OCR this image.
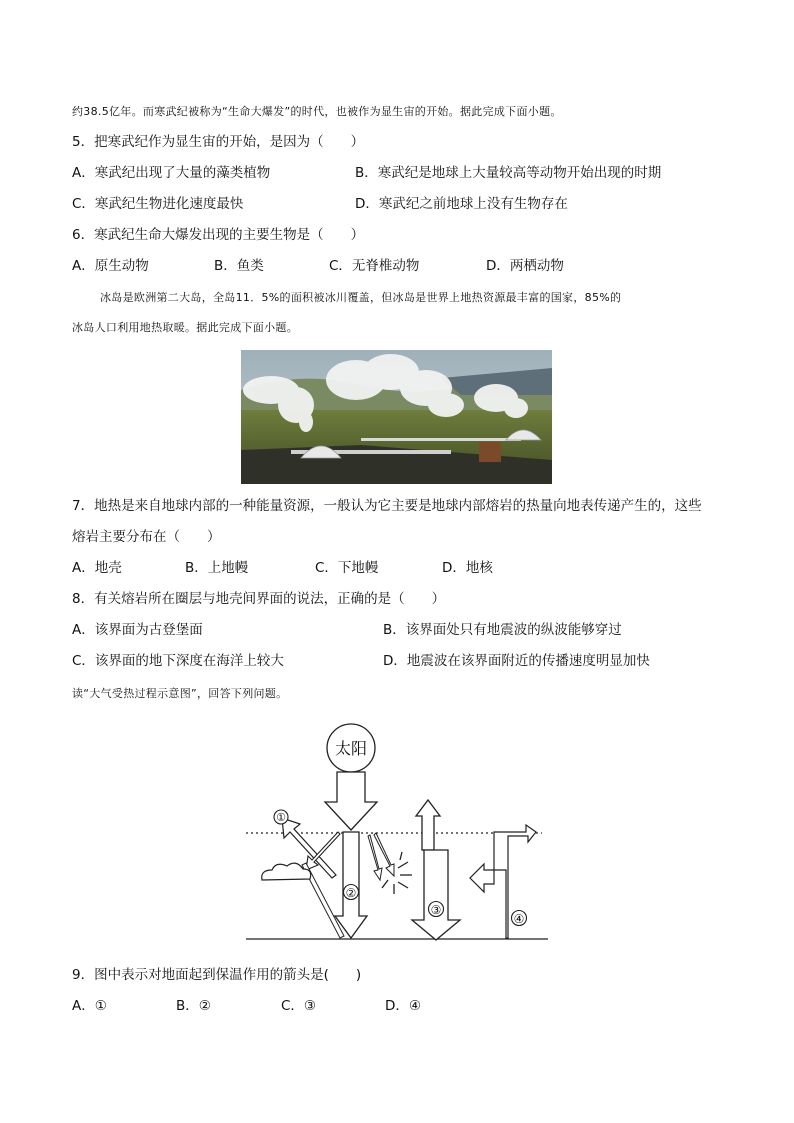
约38.5亿年。而寒武纪被称为“生命大爆发”的时代，也被作为显生宙的开始。据此完成下面小题。
5．把寒武纪作为显生宙的开始，是因为（　　）
A．寒武纪出现了大量的藻类植物	B．寒武纪是地球上大量较高等动物开始出现的时期
C．寒武纪生物进化速度最快	D．寒武纪之前地球上没有生物存在
6．寒武纪生命大爆发出现的主要生物是（　　）
A．原生动物	B．鱼类	C．无脊椎动物	D．两栖动物
冰岛是欧洲第二大岛，全岛11．5%的面积被冰川覆盖，但冰岛是世界上地热资源最丰富的国家，85%的
冰岛人口利用地热取暖。据此完成下面小题。
7．地热是来自地球内部的一种能量资源，一般认为它主要是地球内部熔岩的热量向地表传递产生的，这些
熔岩主要分布在（　　）
A．地壳	B．上地幔	C．下地幔	D．地核
8．有关熔岩所在圈层与地壳间界面的说法，正确的是（　　）
A．该界面为古登堡面	B．该界面处只有地震波的纵波能够穿过
C．该界面的地下深度在海洋上较大	D．地震波在该界面附近的传播速度明显加快
读“大气受热过程示意图”，回答下列问题。
太阳
②
①
③
④
9．图中表示对地面起到保温作用的箭头是(　　)
A．①	B．②	C．③	D．④
